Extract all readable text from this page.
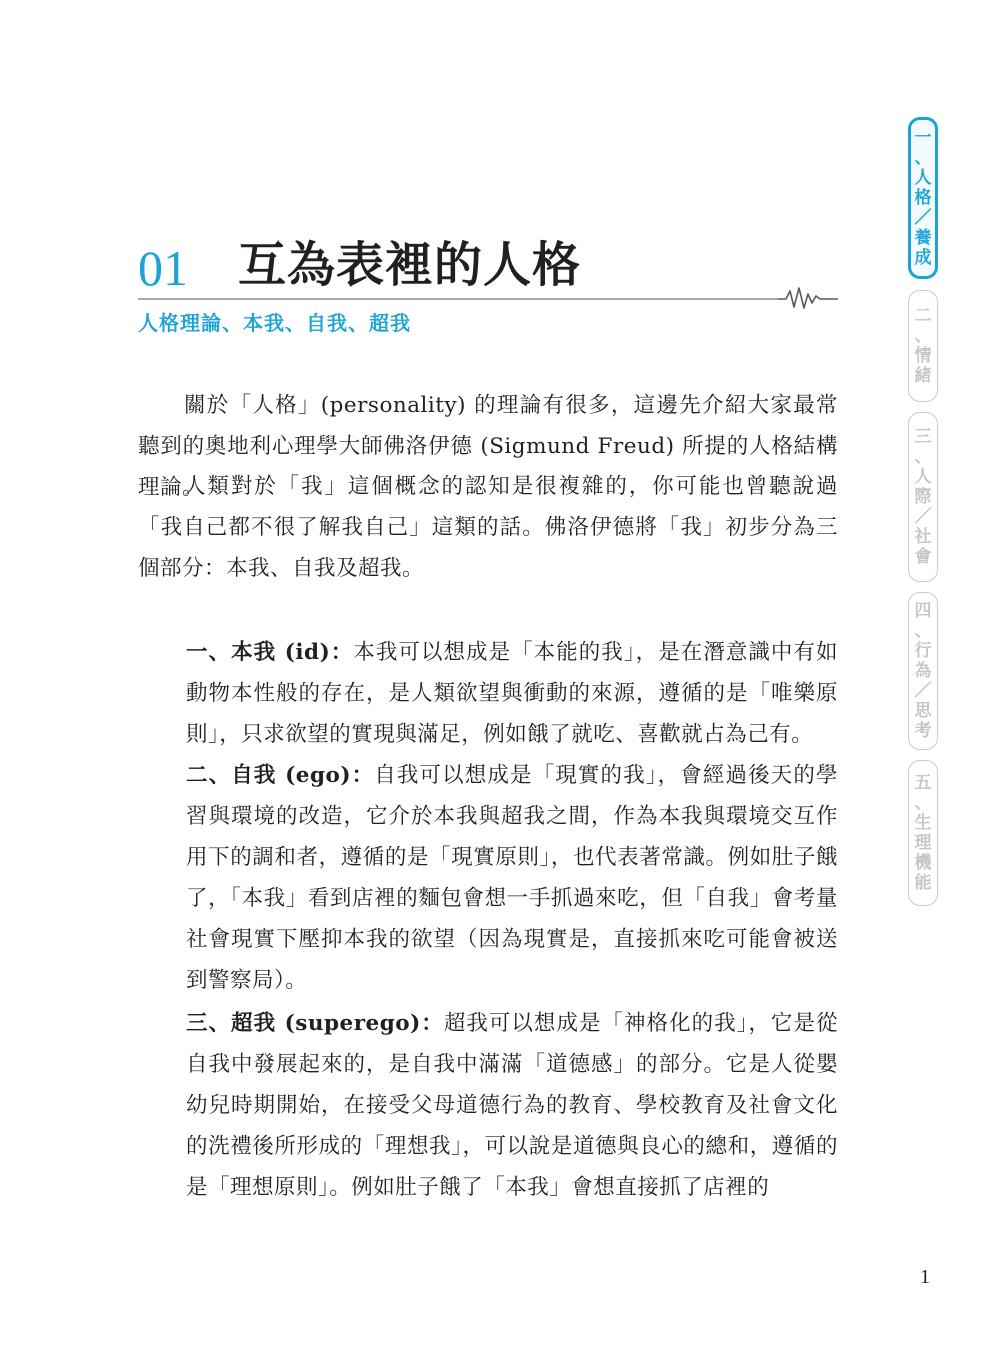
01 互為表裡的人格
人格理論、本我、自我、超我

關於「人格」(personality) 的理論有很多，這邊先介紹大家最常聽到的奧地利心理學大師佛洛伊德 (Sigmund Freud) 所提的人格結構理論。

人類對於「我」這個概念的認知是很複雜的，你可能也曾聽說過「我自己都不很了解我自己」這類的話。佛洛伊德將「我」初步分為三個部分：本我、自我及超我。

一、本我 (id)：本我可以想成是「本能的我」，是在潛意識中有如動物本性般的存在，是人類欲望與衝動的來源，遵循的是「唯樂原則」，只求欲望的實現與滿足，例如餓了就吃、喜歡就占為己有。

二、自我 (ego)：自我可以想成是「現實的我」，會經過後天的學習與環境的改造，它介於本我與超我之間，作為本我與環境交互作用下的調和者，遵循的是「現實原則」，也代表著常識。例如肚子餓了，「本我」看到店裡的麵包會想一手抓過來吃，但「自我」會考量社會現實下壓抑本我的欲望（因為現實是，直接抓來吃可能會被送到警察局）。

三、超我 (superego)：超我可以想成是「神格化的我」，它是從自我中發展起來的，是自我中滿滿「道德感」的部分。它是人從嬰幼兒時期開始，在接受父母道德行為的教育、學校教育及社會文化的洗禮後所形成的「理想我」，可以說是道德與良心的總和，遵循的是「理想原則」。例如肚子餓了「本我」會想直接抓了店裡的

一
、
人
格
／
養
成
二
、
情
緒
三
、
人
際
／
社
會
四
、
行
為
／
思
考
五
、
生
理
機
能
1
